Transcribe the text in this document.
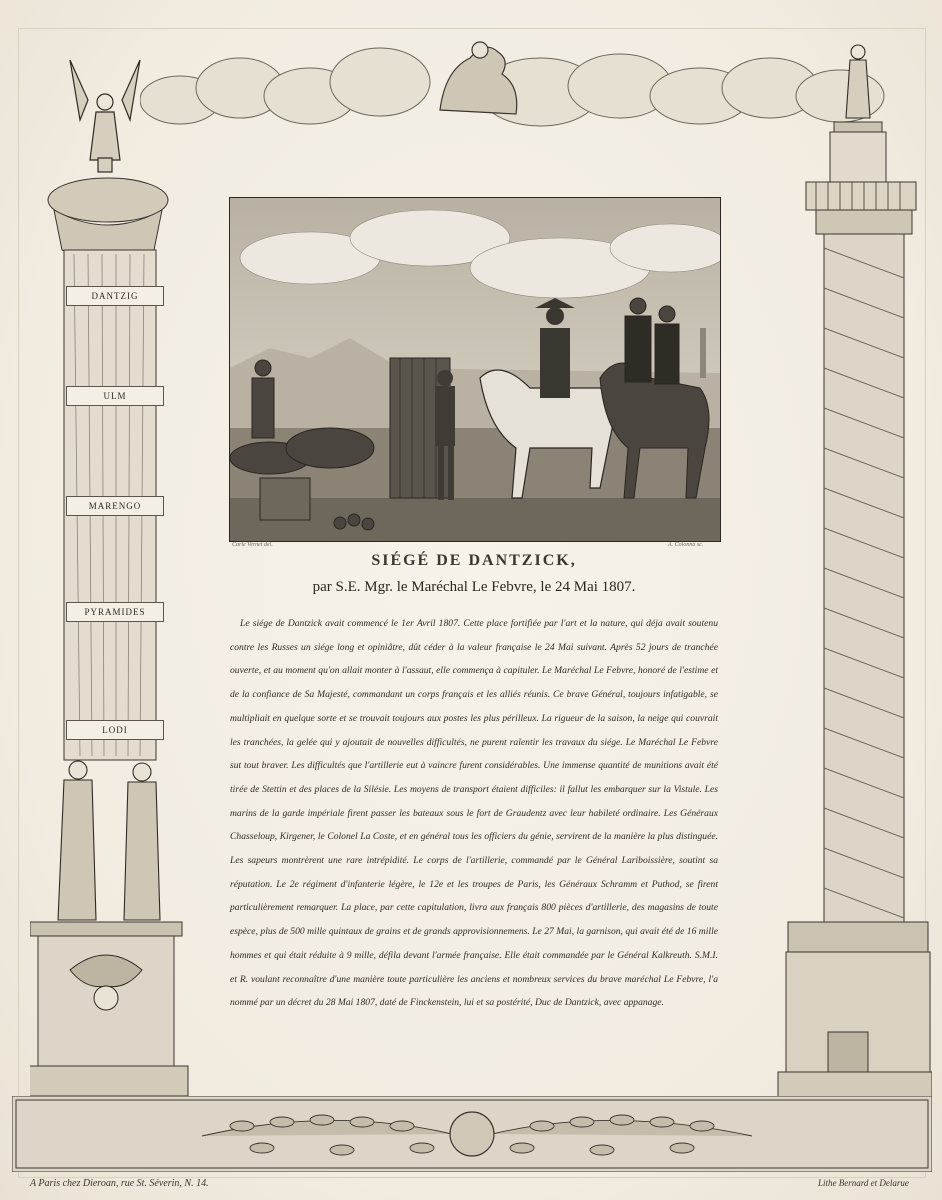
DANTZIG
ULM
MARENGO
PYRAMIDES
LODI
Carle Vernet del.	A. Colonna sc.
SIÉGÉ DE DANTZICK,
par S.E. Mgr. le Maréchal Le Febvre, le 24 Mai 1807.

Le siége de Dantzick avait commencé le 1er Avril 1807. Cette place fortifiée par l'art et la nature, qui déja avait soutenu contre les Russes un siége long et opiniâtre, dût céder à la valeur française le 24 Mai suivant. Après 52 jours de tranchée ouverte, et au moment qu'on allait monter à l'assaut, elle commença à capituler. Le Maréchal Le Febvre, honoré de l'estime et de la confiance de Sa Majesté, commandant un corps français et les alliés réunis. Ce brave Général, toujours infatigable, se multipliait en quelque sorte et se trouvait toujours aux postes les plus périlleux. La rigueur de la saison, la neige qui couvrait les tranchées, la gelée qui y ajoutait de nouvelles difficultés, ne purent ralentir les travaux du siége. Le Maréchal Le Febvre sut tout braver. Les difficultés que l'artillerie eut à vaincre furent considérables. Une immense quantité de munitions avait été tirée de Stettin et des places de la Silésie. Les moyens de transport étaient difficiles: il fallut les embarquer sur la Vistule. Les marins de la garde impériale firent passer les bateaux sous le fort de Graudentz avec leur habileté ordinaire. Les Généraux Chasseloup, Kirgener, le Colonel La Coste, et en général tous les officiers du génie, servirent de la manière la plus distinguée. Les sapeurs montrèrent une rare intrépidité. Le corps de l'artillerie, commandé par le Général Lariboissière, soutint sa réputation. Le 2e régiment d'infanterie légère, le 12e et les troupes de Paris, les Généraux Schramm et Puthod, se firent particulièrement remarquer. La place, par cette capitulation, livra aux français 800 pièces d'artillerie, des magasins de toute espèce, plus de 500 mille quintaux de grains et de grands approvisionnemens. Le 27 Mai, la garnison, qui avait été de 16 mille hommes et qui était réduite à 9 mille, défila devant l'armée française. Elle était commandée par le Général Kalkreuth. S.M.I. et R. voulant reconnaître d'une manière toute particulière les anciens et nombreux services du brave maréchal Le Febvre, l'a nommé par un décret du 28 Mai 1807, daté de Finckenstein, lui et sa postérité, Duc de Dantzick, avec appanage.

A Paris chez Dieroan, rue St. Séverin, N. 14.	Lithe Bernard et Delarue
